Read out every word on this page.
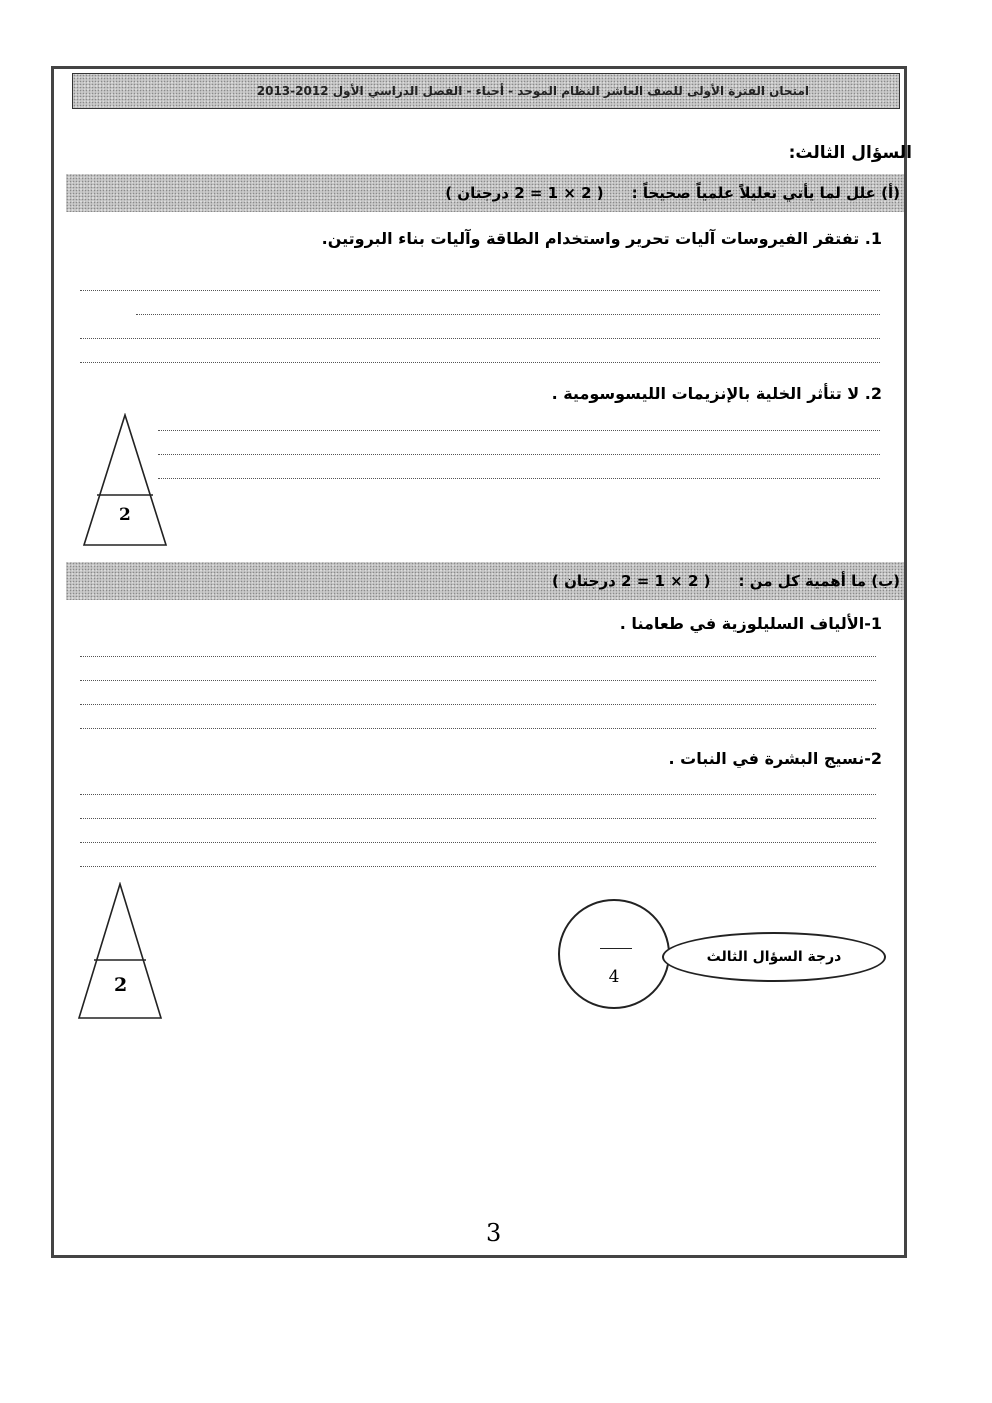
امتحان الفترة الأولى للصف العاشر النظام الموحد - أحياء - الفصل الدراسي الأول 2012-2013
السؤال الثالث:
(أ) علل لما يأتي تعليلاً علمياً صحيحاً :
( 2 × 1 = 2 درجتان )
1. تفتقر الفيروسات آليات تحرير واستخدام الطاقة وآليات بناء البروتين.
2. لا تتأثر الخلية بالإنزيمات الليسوسومية .
2
(ب) ما أهمية كل من :
( 2 × 1 = 2 درجتان )
1-الألياف السليلوزية في طعامنا .
2-نسيج البشرة في النبات .
2	4
درجة السؤال الثالث
3
